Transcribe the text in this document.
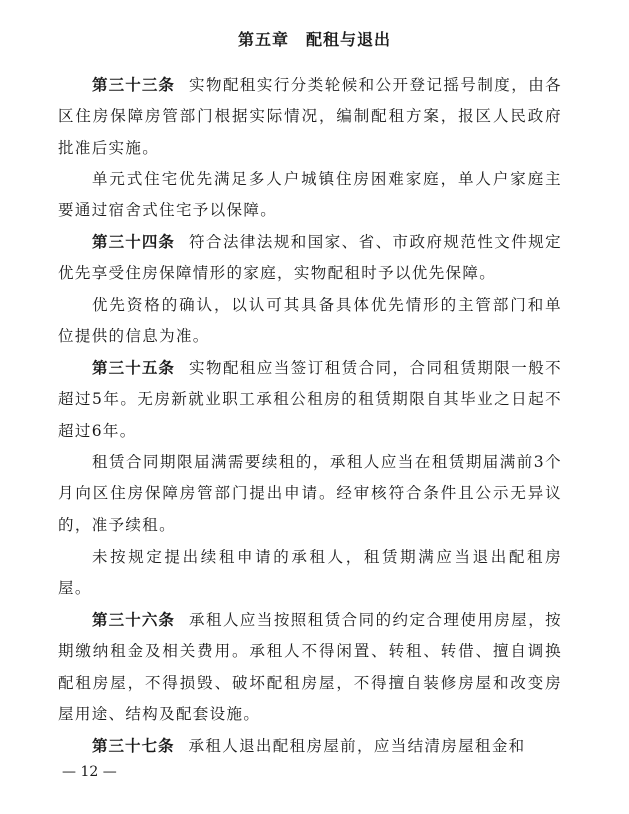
第五章　配租与退出

第三十三条 实物配租实行分类轮候和公开登记摇号制度，由各区住房保障房管部门根据实际情况，编制配租方案，报区人民政府批准后实施。

单元式住宅优先满足多人户城镇住房困难家庭，单人户家庭主要通过宿舍式住宅予以保障。

第三十四条 符合法律法规和国家、省、市政府规范性文件规定优先享受住房保障情形的家庭，实物配租时予以优先保障。

优先资格的确认，以认可其具备具体优先情形的主管部门和单位提供的信息为准。

第三十五条 实物配租应当签订租赁合同，合同租赁期限一般不超过5年。无房新就业职工承租公租房的租赁期限自其毕业之日起不超过6年。

租赁合同期限届满需要续租的，承租人应当在租赁期届满前3个月向区住房保障房管部门提出申请。经审核符合条件且公示无异议的，准予续租。

未按规定提出续租申请的承租人，租赁期满应当退出配租房屋。

第三十六条 承租人应当按照租赁合同的约定合理使用房屋，按期缴纳租金及相关费用。承租人不得闲置、转租、转借、擅自调换配租房屋，不得损毁、破坏配租房屋，不得擅自装修房屋和改变房屋用途、结构及配套设施。

第三十七条 承租人退出配租房屋前，应当结清房屋租金和

— 12 —
